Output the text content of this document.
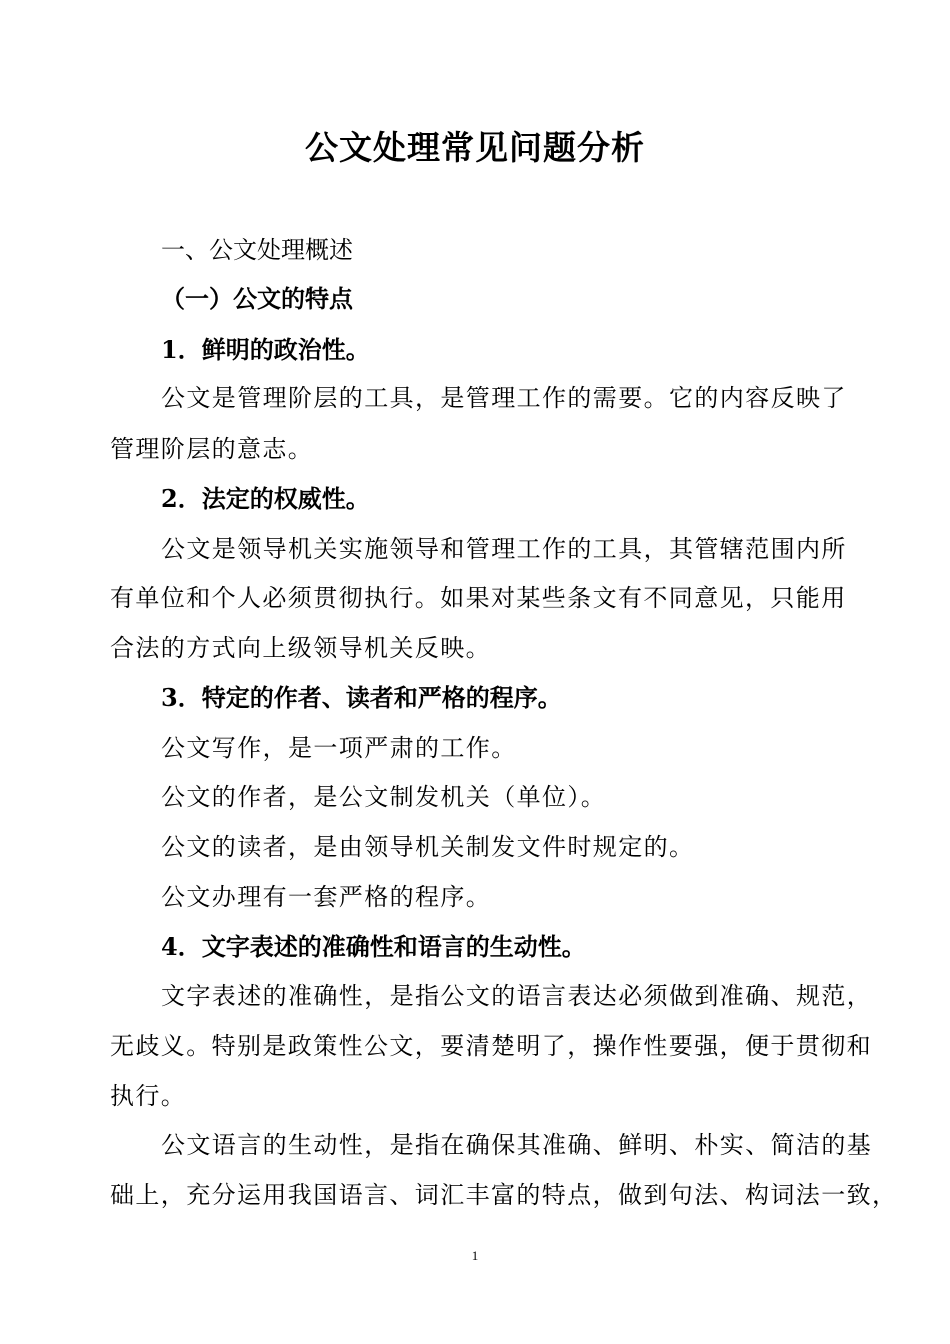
公文处理常见问题分析

一、公文处理概述

（一）公文的特点

1．鲜明的政治性。

公文是管理阶层的工具，是管理工作的需要。它的内容反映了

管理阶层的意志。

2．法定的权威性。

公文是领导机关实施领导和管理工作的工具，其管辖范围内所

有单位和个人必须贯彻执行。如果对某些条文有不同意见，只能用

合法的方式向上级领导机关反映。

3．特定的作者、读者和严格的程序。

公文写作，是一项严肃的工作。

公文的作者，是公文制发机关（单位）。

公文的读者，是由领导机关制发文件时规定的。

公文办理有一套严格的程序。

4．文字表述的准确性和语言的生动性。

文字表述的准确性，是指公文的语言表达必须做到准确、规范，

无歧义。特别是政策性公文，要清楚明了，操作性要强，便于贯彻和

执行。

公文语言的生动性，是指在确保其准确、鲜明、朴实、简洁的基

础上，充分运用我国语言、词汇丰富的特点，做到句法、构词法一致，

1
